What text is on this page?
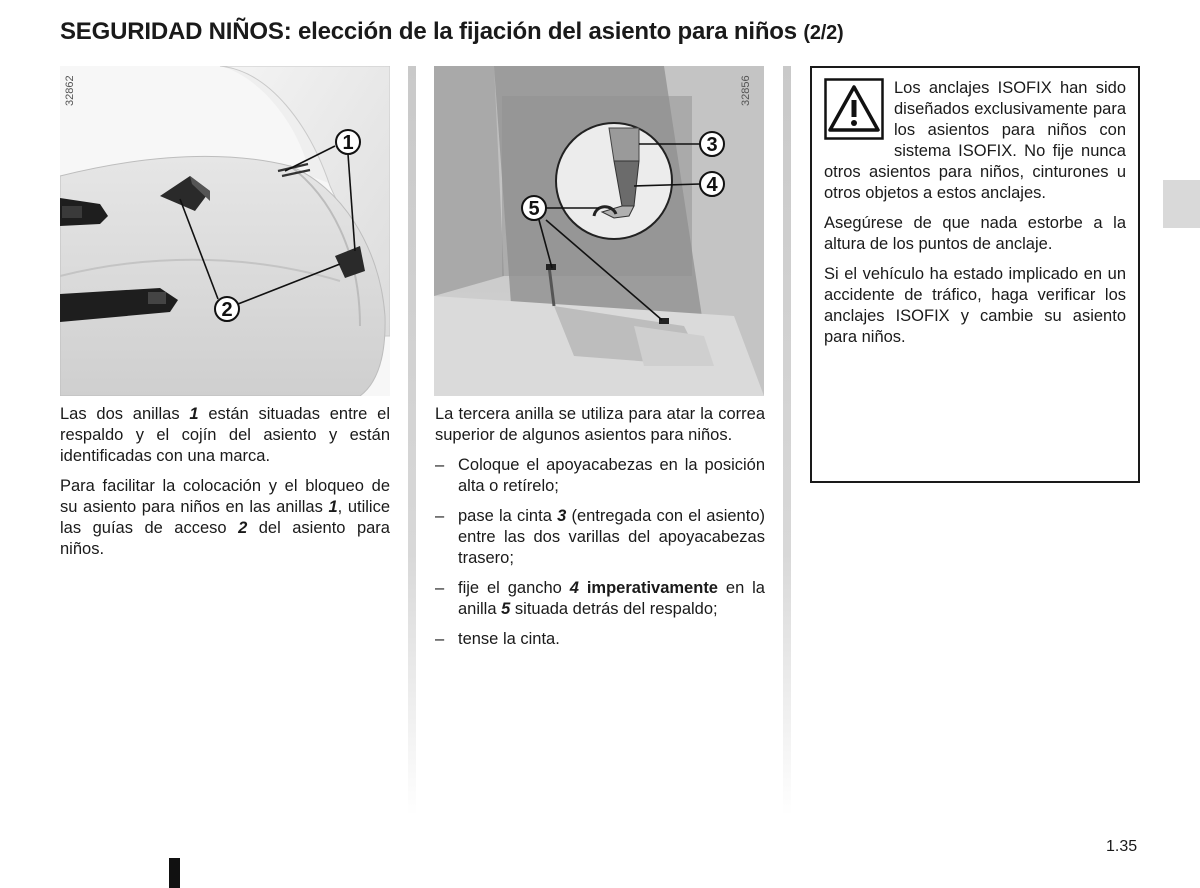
SEGURIDAD NIÑOS: elección de la fijación del asiento para niños (2/2)
1
2
32862
3
4
5
32856

Las dos anillas 1 están situadas entre el respaldo y el cojín del asiento y están identificadas con una marca.

Para facilitar la colocación y el bloqueo de su asiento para niños en las anillas 1, utilice las guías de acceso 2 del asiento para niños.

La tercera anilla se utiliza para atar la correa superior de algunos asientos para niños.

– Coloque el apoyacabezas en la posición alta o retírelo;
– pase la cinta 3 (entregada con el asiento) entre las dos varillas del apoyacabezas trasero;
– fije el gancho 4 imperativamente en la anilla 5 situada detrás del respaldo;
– tense la cinta.

Los anclajes ISOFIX han sido diseñados exclusivamente para los asientos para niños con sistema ISOFIX. No fije nunca otros asientos para niños, cinturones u otros objetos a estos anclajes.

Asegúrese de que nada estorbe a la altura de los puntos de anclaje.

Si el vehículo ha estado implicado en un accidente de tráfico, haga verificar los anclajes ISOFIX y cambie su asiento para niños.

1.35
